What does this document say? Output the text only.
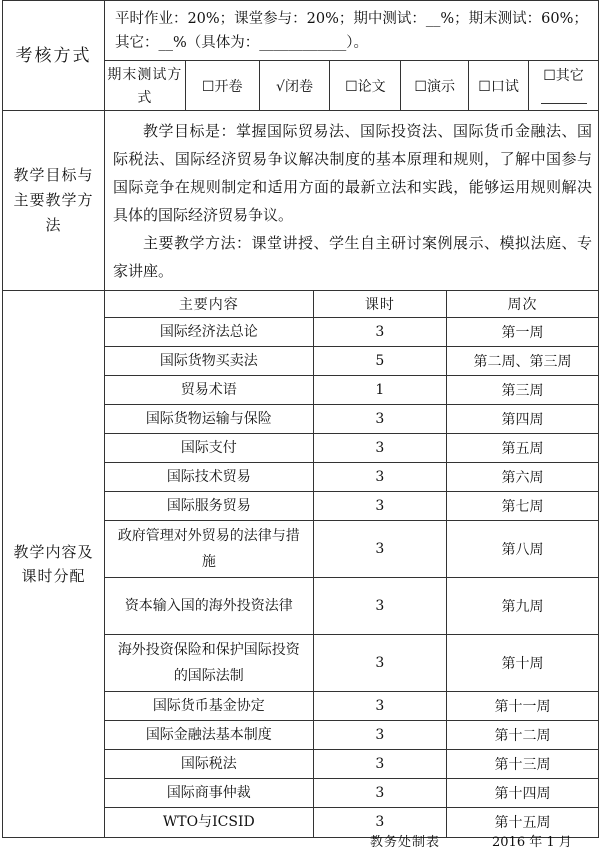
考核方式	
平时作业：20%；课堂参与：20%；期中测试：__%；期末测试：60%；
其它：__%（具体为：____________）。

期末测试方式	☐开卷	√闭卷	☐论文	☐演示	☐口试	☐其它

教学目标与主要教学方法

教学目标是：掌握国际贸易法、国际投资法、国际货币金融法、国际税法、国际经济贸易争议解决制度的基本原理和规则，了解中国参与国际竞争在规则制定和适用方面的最新立法和实践，能够运用规则解决具体的国际经济贸易争议。

主要教学方法：课堂讲授、学生自主研讨案例展示、模拟法庭、专家讲座。

教学内容及课时分配

主要内容	课时	周次
国际经济法总论	3	第一周
国际货物买卖法	5	第二周、第三周
贸易术语	1	第三周
国际货物运输与保险	3	第四周
国际支付	3	第五周
国际技术贸易	3	第六周
国际服务贸易	3	第七周
政府管理对外贸易的法律与措施	3	第八周
资本输入国的海外投资法律	3	第九周
海外投资保险和保护国际投资的国际法制	3	第十周
国际货币基金协定	3	第十一周
国际金融法基本制度	3	第十二周
国际税法	3	第十三周
国际商事仲裁	3	第十四周
WTO与ICSID	3	第十五周
教务处制表	2016 年 1 月
